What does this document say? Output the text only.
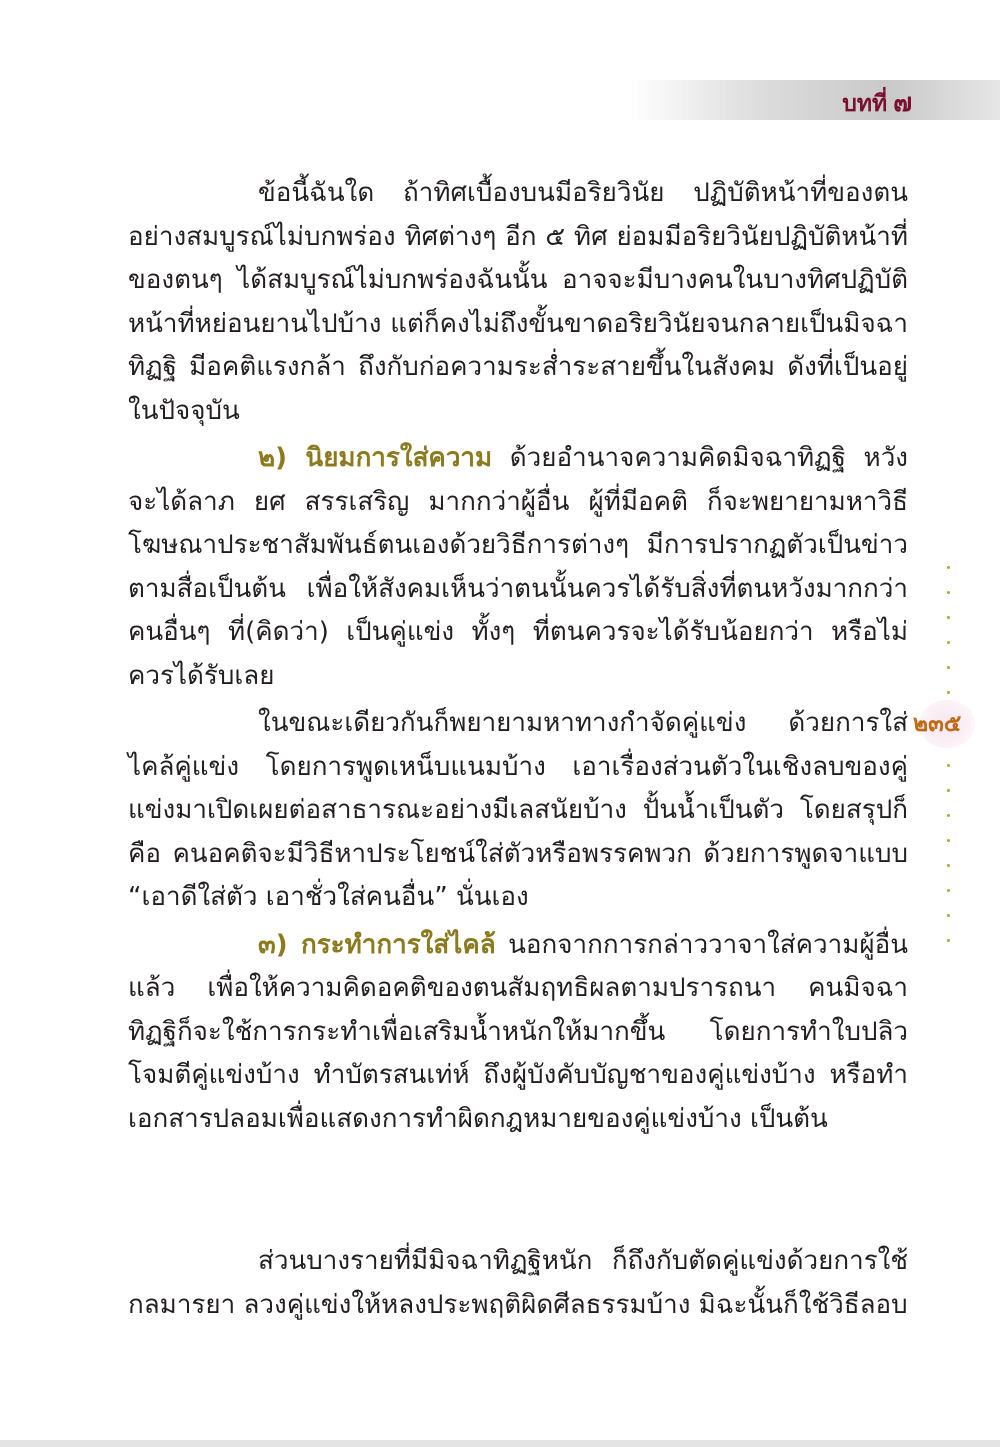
บทที่ ๗

ข้อนี้ฉันใด ถ้าทิศเบื้องบนมีอริยวินัย ปฏิบัติหน้าที่ของตนอย่างสมบูรณ์ไม่บกพร่อง ทิศต่างๆ อีก ๕ ทิศ ย่อมมีอริยวินัยปฏิบัติหน้าที่ของตนๆ ได้สมบูรณ์ไม่บกพร่องฉันนั้น อาจจะมีบางคนในบางทิศปฏิบัติหน้าที่หย่อนยานไปบ้าง แต่ก็คงไม่ถึงขั้นขาดอริยวินัยจนกลายเป็นมิจฉาทิฏฐิ มีอคติแรงกล้า ถึงกับก่อความระส่ำระสายขึ้นในสังคม ดังที่เป็นอยู่ในปัจจุบัน

๒) นิยมการใส่ความ ด้วยอำนาจความคิดมิจฉาทิฏฐิ หวังจะได้ลาภ ยศ สรรเสริญ มากกว่าผู้อื่น ผู้ที่มีอคติ ก็จะพยายามหาวิธีโฆษณาประชาสัมพันธ์ตนเองด้วยวิธีการต่างๆ มีการปรากฏตัวเป็นข่าวตามสื่อเป็นต้น เพื่อให้สังคมเห็นว่าตนนั้นควรได้รับสิ่งที่ตนหวังมากกว่าคนอื่นๆ ที่(คิดว่า) เป็นคู่แข่ง ทั้งๆ ที่ตนควรจะได้รับน้อยกว่า หรือไม่ควรได้รับเลย

ในขณะเดียวกันก็พยายามหาทางกำจัดคู่แข่ง ด้วยการใส่ไคล้คู่แข่ง โดยการพูดเหน็บแนมบ้าง เอาเรื่องส่วนตัวในเชิงลบของคู่แข่งมาเปิดเผยต่อสาธารณะอย่างมีเลสนัยบ้าง ปั้นน้ำเป็นตัว โดยสรุปก็คือ คนอคติจะมีวิธีหาประโยชน์ใส่ตัวหรือพรรคพวก ด้วยการพูดจาแบบ “เอาดีใส่ตัว เอาชั่วใส่คนอื่น” นั่นเอง

๓) กระทำการใส่ไคล้ นอกจากการกล่าววาจาใส่ความผู้อื่นแล้ว เพื่อให้ความคิดอคติของตนสัมฤทธิผลตามปรารถนา คนมิจฉาทิฏฐิก็จะใช้การกระทำเพื่อเสริมน้ำหนักให้มากขึ้น โดยการทำใบปลิวโจมตีคู่แข่งบ้าง ทำบัตรสนเท่ห์ ถึงผู้บังคับบัญชาของคู่แข่งบ้าง หรือทำเอกสารปลอมเพื่อแสดงการทำผิดกฎหมายของคู่แข่งบ้าง เป็นต้น

ส่วนบางรายที่มีมิจฉาทิฏฐิหนัก ก็ถึงกับตัดคู่แข่งด้วยการใช้กลมารยา ลวงคู่แข่งให้หลงประพฤติผิดศีลธรรมบ้าง มิฉะนั้นก็ใช้วิธีลอบ

๒๓๕
